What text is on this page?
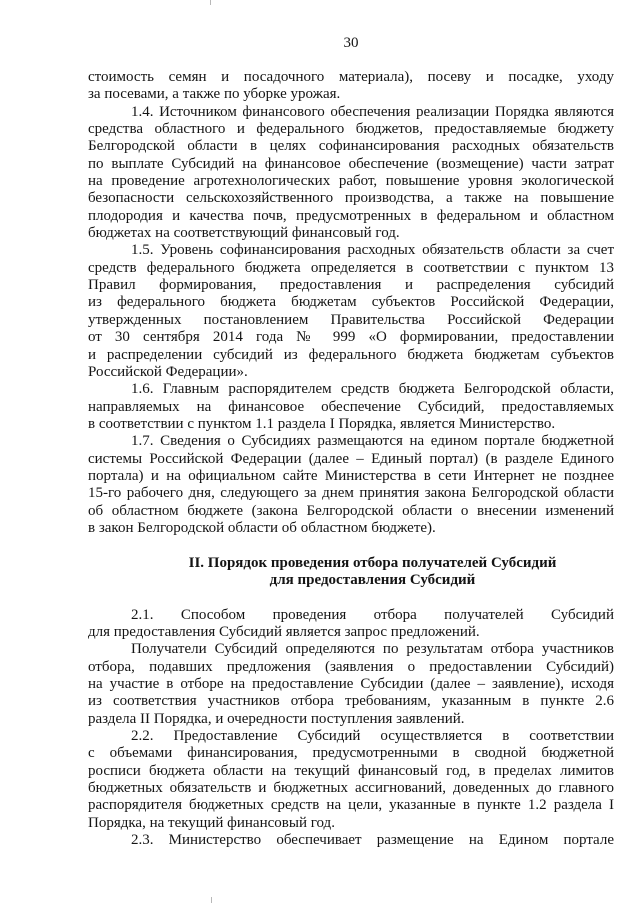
30
стоимость семян и посадочного материала), посеву и посадке, уходу
за посевами, а также по уборке урожая.
1.4. Источником финансового обеспечения реализации Порядка являются
средства областного и федерального бюджетов, предоставляемые бюджету
Белгородской области в целях софинансирования расходных обязательств
по выплате Субсидий на финансовое обеспечение (возмещение) части затрат
на проведение агротехнологических работ, повышение уровня экологической
безопасности сельскохозяйственного производства, а также на повышение
плодородия и качества почв, предусмотренных в федеральном и областном
бюджетах на соответствующий финансовый год.
1.5. Уровень софинансирования расходных обязательств области за счет
средств федерального бюджета определяется в соответствии с пунктом 13
Правил формирования, предоставления и распределения субсидий
из федерального бюджета бюджетам субъектов Российской Федерации,
утвержденных постановлением Правительства Российской Федерации
от 30 сентября 2014 года № 999 «О формировании, предоставлении
и распределении субсидий из федерального бюджета бюджетам субъектов
Российской Федерации».
1.6. Главным распорядителем средств бюджета Белгородской области,
направляемых на финансовое обеспечение Субсидий, предоставляемых
в соответствии с пунктом 1.1 раздела I Порядка, является Министерство.
1.7. Сведения о Субсидиях размещаются на едином портале бюджетной
системы Российской Федерации (далее – Единый портал) (в разделе Единого
портала) и на официальном сайте Министерства в сети Интернет не позднее
15-го рабочего дня, следующего за днем принятия закона Белгородской области
об областном бюджете (закона Белгородской области о внесении изменений
в закон Белгородской области об областном бюджете).
II. Порядок проведения отбора получателей Субсидий
для предоставления Субсидий
2.1. Способом проведения отбора получателей Субсидий
для предоставления Субсидий является запрос предложений.
Получатели Субсидий определяются по результатам отбора участников
отбора, подавших предложения (заявления о предоставлении Субсидий)
на участие в отборе на предоставление Субсидии (далее – заявление), исходя
из соответствия участников отбора требованиям, указанным в пункте 2.6
раздела II Порядка, и очередности поступления заявлений.
2.2. Предоставление Субсидий осуществляется в соответствии
с объемами финансирования, предусмотренными в сводной бюджетной
росписи бюджета области на текущий финансовый год, в пределах лимитов
бюджетных обязательств и бюджетных ассигнований, доведенных до главного
распорядителя бюджетных средств на цели, указанные в пункте 1.2 раздела I
Порядка, на текущий финансовый год.
2.3. Министерство обеспечивает размещение на Едином портале
